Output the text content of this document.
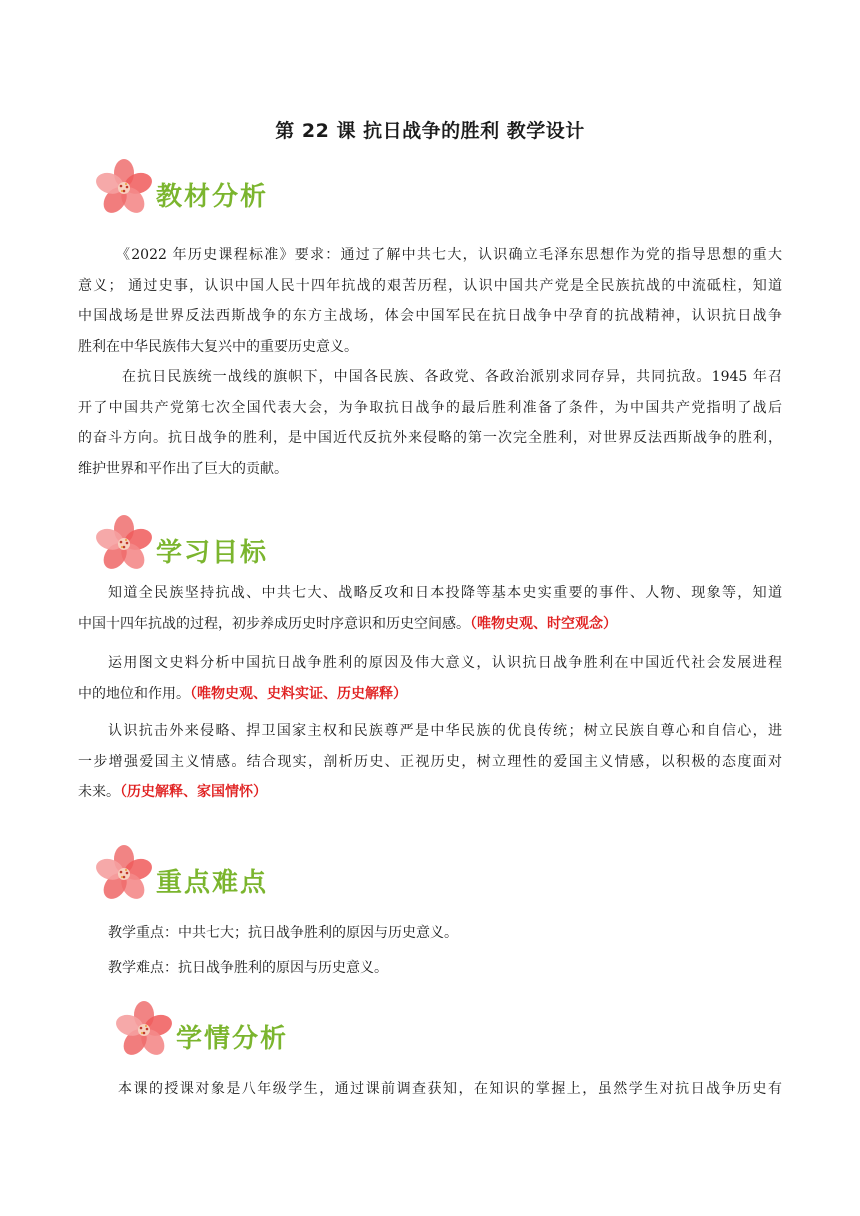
第 22 课 抗日战争的胜利 教学设计
教材分析
《2022 年历史课程标准》要求：通过了解中共七大，认识确立毛泽东思想作为党的指导思想的重大
意义； 通过史事，认识中国人民十四年抗战的艰苦历程，认识中国共产党是全民族抗战的中流砥柱，知道
中国战场是世界反法西斯战争的东方主战场，体会中国军民在抗日战争中孕育的抗战精神，认识抗日战争
胜利在中华民族伟大复兴中的重要历史意义。
在抗日民族统一战线的旗帜下，中国各民族、各政党、各政治派别求同存异，共同抗敌。1945 年召
开了中国共产党第七次全国代表大会，为争取抗日战争的最后胜利准备了条件，为中国共产党指明了战后
的奋斗方向。抗日战争的胜利，是中国近代反抗外来侵略的第一次完全胜利，对世界反法西斯战争的胜利，
维护世界和平作出了巨大的贡献。
学习目标
知道全民族坚持抗战、中共七大、战略反攻和日本投降等基本史实重要的事件、人物、现象等，知道
中国十四年抗战的过程，初步养成历史时序意识和历史空间感。（唯物史观、时空观念）
运用图文史料分析中国抗日战争胜利的原因及伟大意义，认识抗日战争胜利在中国近代社会发展进程
中的地位和作用。（唯物史观、史料实证、历史解释）
认识抗击外来侵略、捍卫国家主权和民族尊严是中华民族的优良传统；树立民族自尊心和自信心，进
一步增强爱国主义情感。结合现实，剖析历史、正视历史，树立理性的爱国主义情感，以积极的态度面对
未来。（历史解释、家国情怀）
重点难点
教学重点：中共七大；抗日战争胜利的原因与历史意义。
教学难点：抗日战争胜利的原因与历史意义。
学情分析
本课的授课对象是八年级学生，通过课前调查获知，在知识的掌握上，虽然学生对抗日战争历史有
